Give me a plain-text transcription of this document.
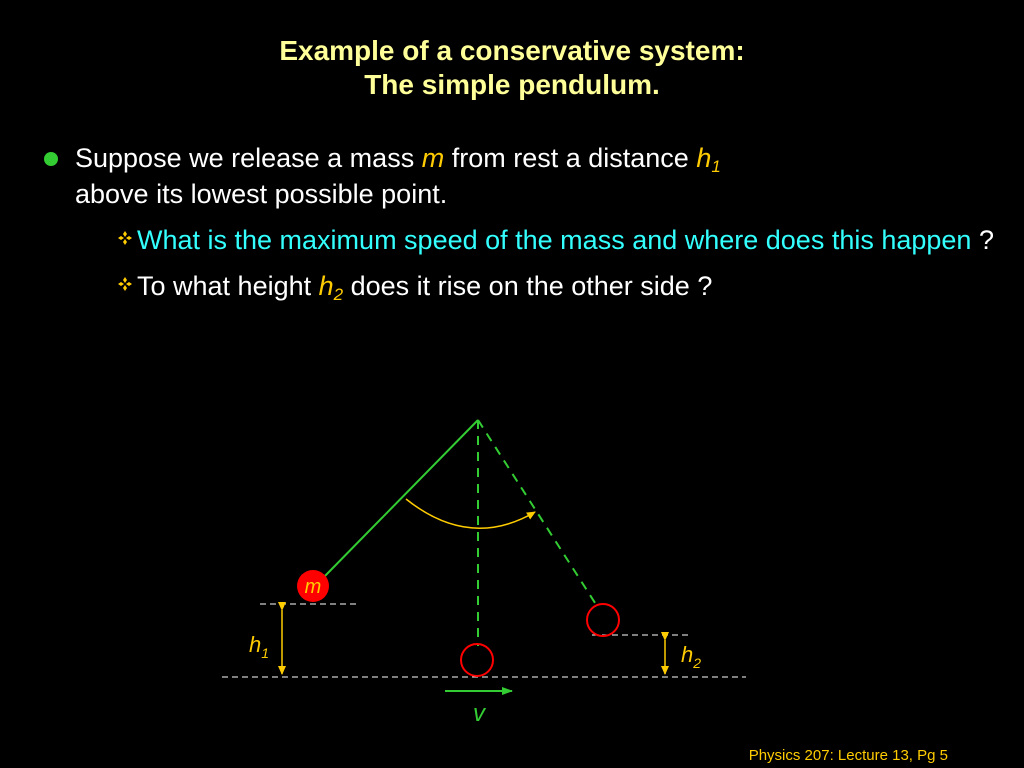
Example of a conservative system:
The simple pendulum.
Suppose we release a mass m from rest a distance $h_1$
above its lowest possible point.
What is the maximum speed of the mass and where does this happen ?
To what height $h_2$ does it rise on the other side ?
m
$h_1$	$h_2$
v
Physics 207: Lecture 13, Pg 5
